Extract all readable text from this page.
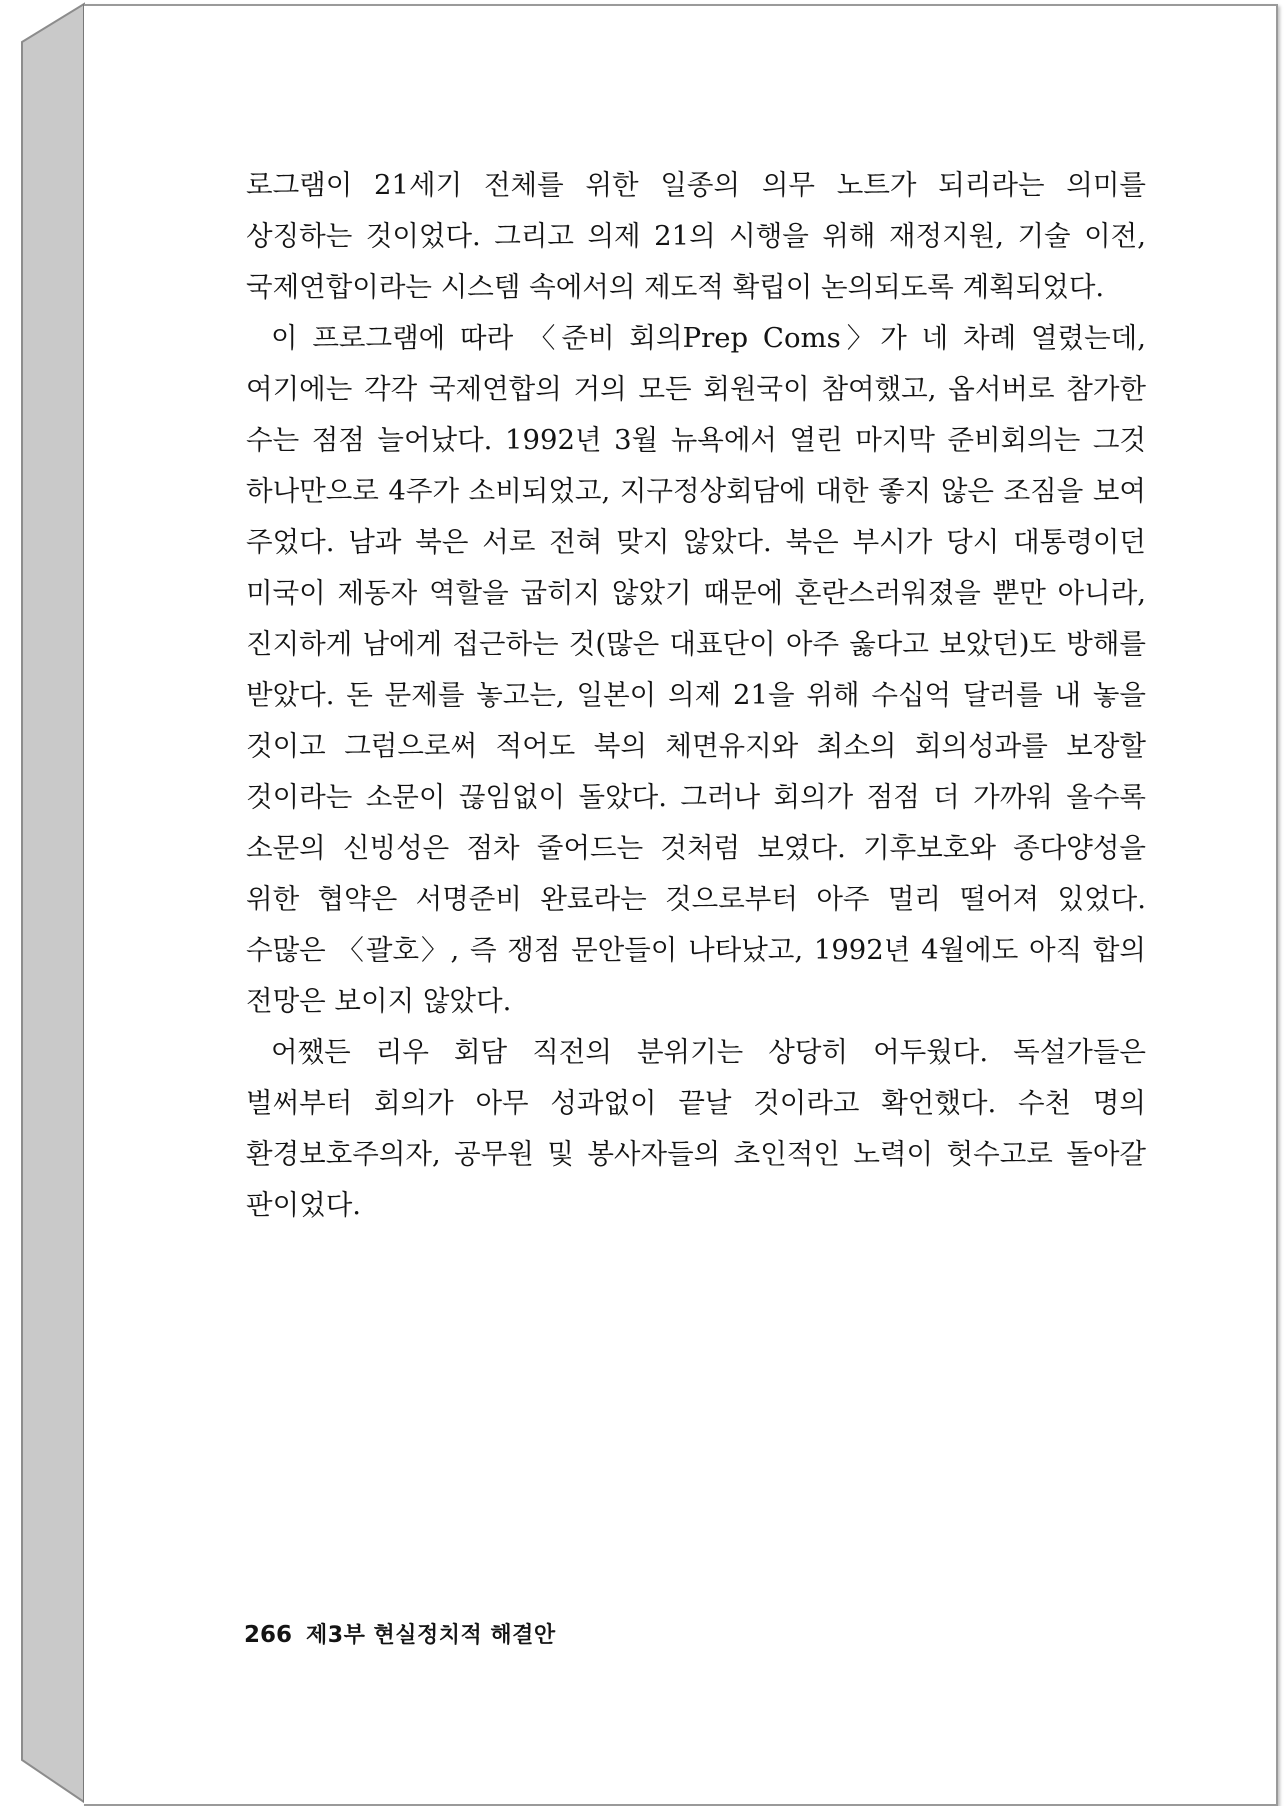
로그램이 21세기 전체를 위한 일종의 의무 노트가 되리라는 의미를 상징하는 것이었다. 그리고 의제 21의 시행을 위해 재정지원, 기술 이전, 국제연합이라는 시스템 속에서의 제도적 확립이 논의되도록 계획되었다.

이 프로그램에 따라 〈준비 회의Prep Coms〉가 네 차례 열렸는데, 여기에는 각각 국제연합의 거의 모든 회원국이 참여했고, 옵서버로 참가한 수는 점점 늘어났다. 1992년 3월 뉴욕에서 열린 마지막 준비회의는 그것 하나만으로 4주가 소비되었고, 지구정상회담에 대한 좋지 않은 조짐을 보여 주었다. 남과 북은 서로 전혀 맞지 않았다. 북은 부시가 당시 대통령이던 미국이 제동자 역할을 굽히지 않았기 때문에 혼란스러워졌을 뿐만 아니라, 진지하게 남에게 접근하는 것(많은 대표단이 아주 옳다고 보았던)도 방해를 받았다. 돈 문제를 놓고는, 일본이 의제 21을 위해 수십억 달러를 내 놓을 것이고 그럼으로써 적어도 북의 체면유지와 최소의 회의성과를 보장할 것이라는 소문이 끊임없이 돌았다. 그러나 회의가 점점 더 가까워 올수록 소문의 신빙성은 점차 줄어드는 것처럼 보였다. 기후보호와 종다양성을 위한 협약은 서명준비 완료라는 것으로부터 아주 멀리 떨어져 있었다. 수많은 〈괄호〉, 즉 쟁점 문안들이 나타났고, 1992년 4월에도 아직 합의 전망은 보이지 않았다.

어쨌든 리우 회담 직전의 분위기는 상당히 어두웠다. 독설가들은 벌써부터 회의가 아무 성과없이 끝날 것이라고 확언했다. 수천 명의 환경보호주의자, 공무원 및 봉사자들의 초인적인 노력이 헛수고로 돌아갈 판이었다.

266 제3부 현실정치적 해결안
